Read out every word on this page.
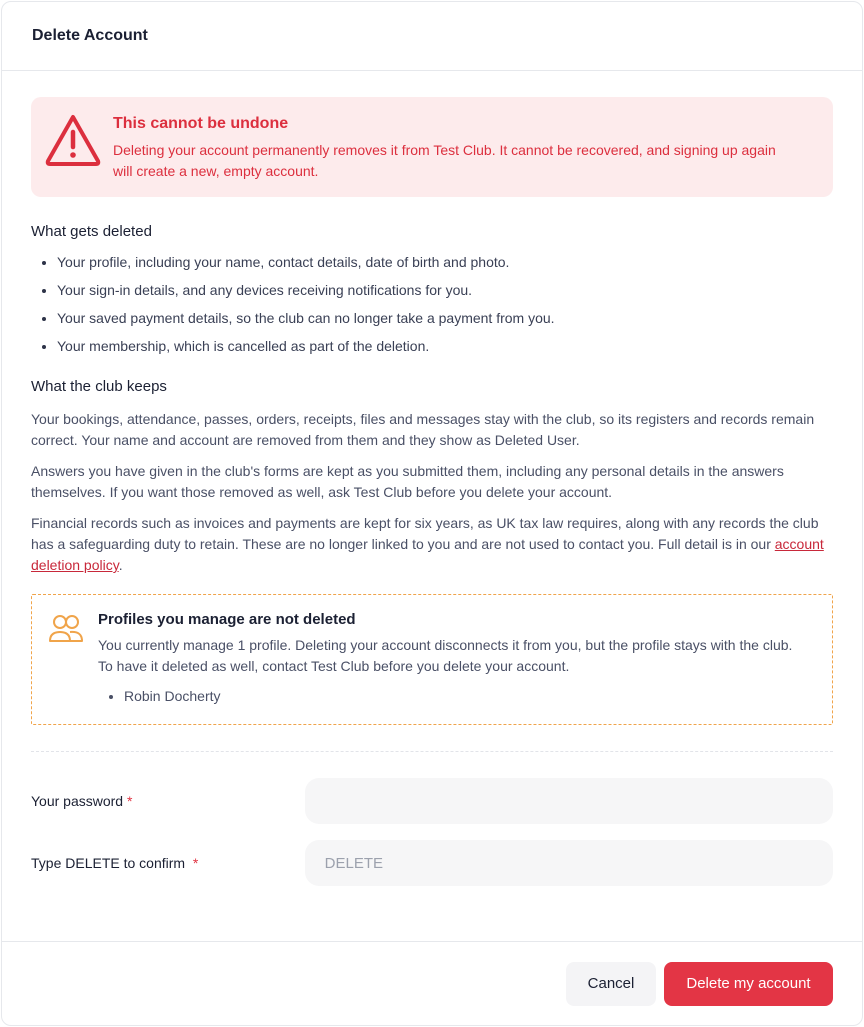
Delete Account
This cannot be undone
Deleting your account permanently removes it from Test Club. It cannot be recovered, and signing up again will create a new, empty account.
What gets deleted
• Your profile, including your name, contact details, date of birth and photo.
• Your sign-in details, and any devices receiving notifications for you.
• Your saved payment details, so the club can no longer take a payment from you.
• Your membership, which is cancelled as part of the deletion.
What the club keeps

Your bookings, attendance, passes, orders, receipts, files and messages stay with the club, so its registers and records remain correct. Your name and account are removed from them and they show as Deleted User.

Answers you have given in the club's forms are kept as you submitted them, including any personal details in the answers themselves. If you want those removed as well, ask Test Club before you delete your account.

Financial records such as invoices and payments are kept for six years, as UK tax law requires, along with any records the club has a safeguarding duty to retain. These are no longer linked to you and are not used to contact you. Full detail is in our account deletion policy.

Profiles you manage are not deleted
You currently manage 1 profile. Deleting your account disconnects it from you, but the profile stays with the club. To have it deleted as well, contact Test Club before you delete your account.
• Robin Docherty
Your password *
Type DELETE to confirm *
DELETE
Cancel	Delete my account
